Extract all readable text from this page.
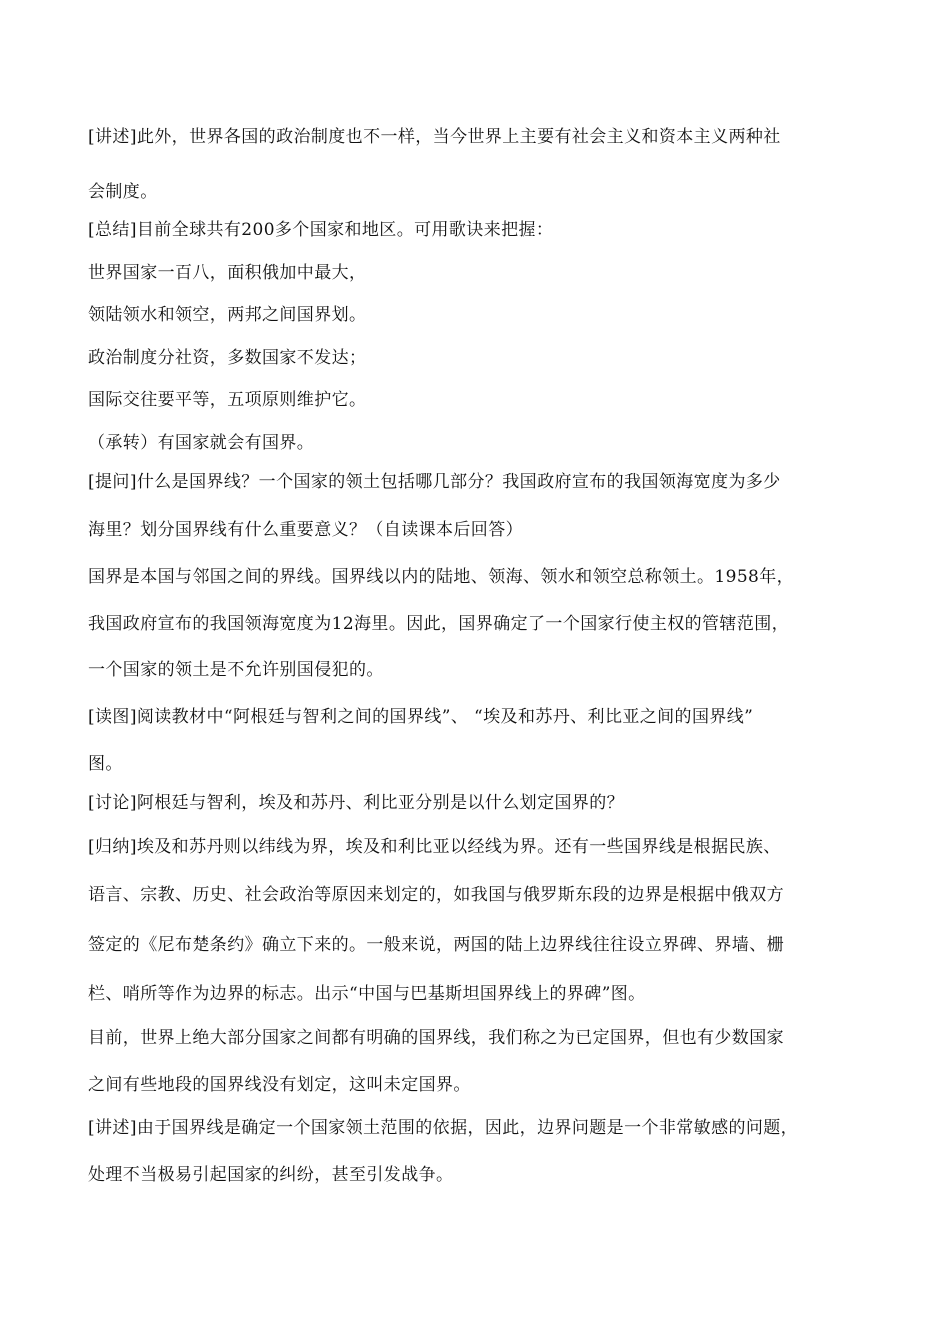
[讲述]此外，世界各国的政治制度也不一样，当今世界上主要有社会主义和资本主义两种社
会制度。
[总结]目前全球共有200多个国家和地区。可用歌诀来把握：
世界国家一百八，面积俄加中最大，
领陆领水和领空，两邦之间国界划。
政治制度分社资，多数国家不发达；
国际交往要平等，五项原则维护它。
（承转）有国家就会有国界。
[提问]什么是国界线？一个国家的领土包括哪几部分？我国政府宣布的我国领海宽度为多少
海里？划分国界线有什么重要意义？（自读课本后回答）
国界是本国与邻国之间的界线。国界线以内的陆地、领海、领水和领空总称领土。1958年，
我国政府宣布的我国领海宽度为12海里。因此，国界确定了一个国家行使主权的管辖范围，
一个国家的领土是不允许别国侵犯的。
[读图]阅读教材中“阿根廷与智利之间的国界线”、 “埃及和苏丹、利比亚之间的国界线”
图。
[讨论]阿根廷与智利，埃及和苏丹、利比亚分别是以什么划定国界的？
[归纳]埃及和苏丹则以纬线为界，埃及和利比亚以经线为界。还有一些国界线是根据民族、
语言、宗教、历史、社会政治等原因来划定的，如我国与俄罗斯东段的边界是根据中俄双方
签定的《尼布楚条约》确立下来的。一般来说，两国的陆上边界线往往设立界碑、界墙、栅
栏、哨所等作为边界的标志。出示“中国与巴基斯坦国界线上的界碑”图。
目前，世界上绝大部分国家之间都有明确的国界线，我们称之为已定国界，但也有少数国家
之间有些地段的国界线没有划定，这叫未定国界。
[讲述]由于国界线是确定一个国家领土范围的依据，因此，边界问题是一个非常敏感的问题，
处理不当极易引起国家的纠纷，甚至引发战争。
